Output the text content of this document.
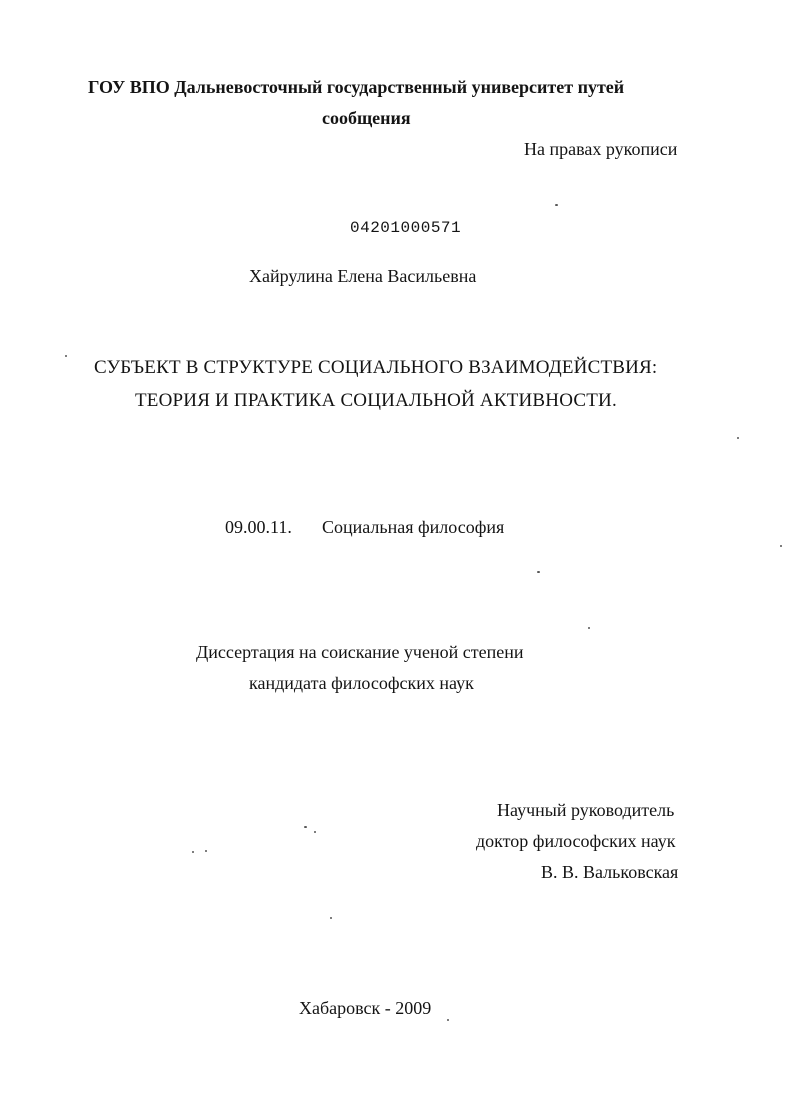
ГОУ ВПО Дальневосточный государственный университет путей
сообщения
На правах рукописи
04201000571
Хайрулина Елена Васильевна
СУБЪЕКТ В СТРУКТУРЕ СОЦИАЛЬНОГО ВЗАИМОДЕЙСТВИЯ:
ТЕОРИЯ И ПРАКТИКА СОЦИАЛЬНОЙ АКТИВНОСТИ.
09.00.11. Социальная философия
Диссертация на соискание ученой степени
кандидата философских наук
Научный руководитель
доктор философских наук
В. В. Вальковская
Хабаровск - 2009
